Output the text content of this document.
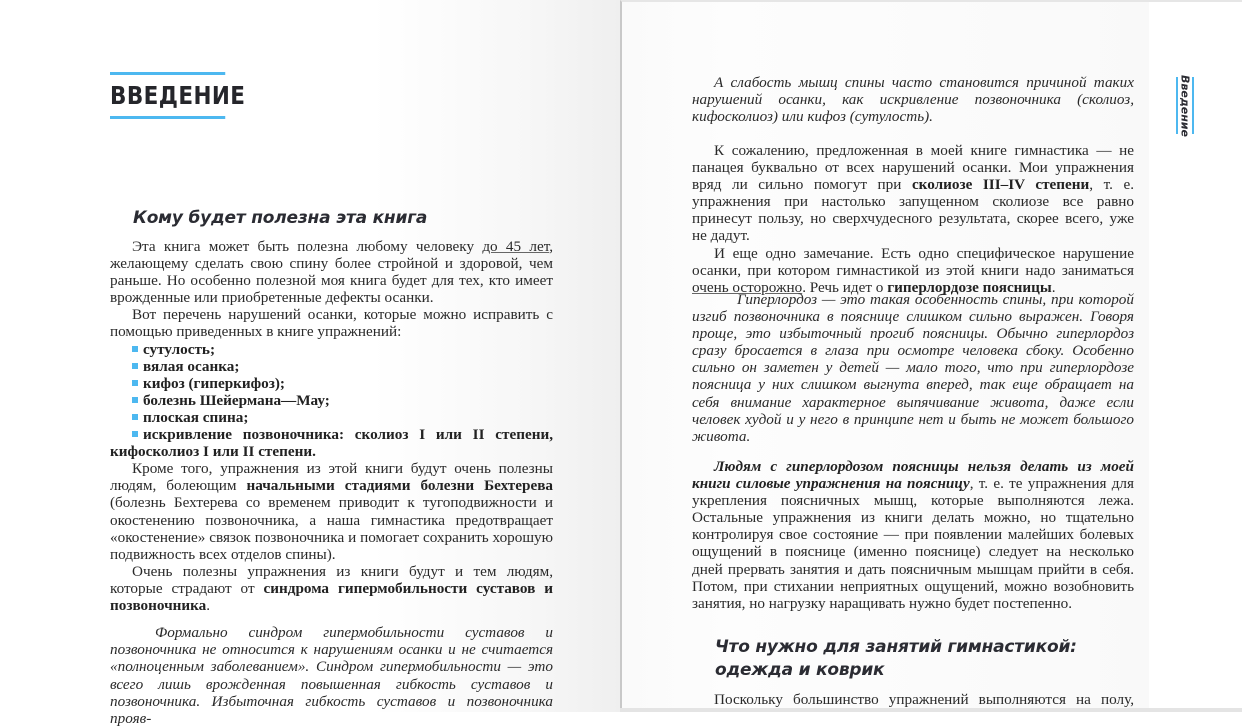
ВВЕДЕНИЕ
Кому будет полезна эта книга

Эта книга может быть полезна любому человеку до 45 лет, желающему сделать свою спину более стройной и здоровой, чем раньше. Но особенно полезной моя книга будет для тех, кто имеет врожденные или приобретенные дефекты осанки.

Вот перечень нарушений осанки, которые можно исправить с помощью приведенных в книге упражнений:

сутулость;
вялая осанка;
кифоз (гиперкифоз);
болезнь Шейермана—Мау;
плоская спина;
искривление позвоночника: сколиоз I или II степени, кифосколиоз I или II степени.

Кроме того, упражнения из этой книги будут очень полезны людям, болеющим начальными стадиями болезни Бехтерева (болезнь Бехтерева со временем приводит к тугоподвижности и окостенению позвоночника, а наша гимнастика предотвращает «окостенение» связок позвоночника и помогает сохранить хорошую подвижность всех отделов спины).

Очень полезны упражнения из книги будут и тем людям, которые страдают от синдрома гипермобильности суставов и позвоночника.

Формально синдром гипермобильности суставов и позвоночника не относится к нарушениям осанки и не считается «полноценным заболеванием». Синдром гипермобильности — это всего лишь врожденная повышенная гибкость суставов и позвоночника. Избыточная гибкость суставов и позвоночника прояв-

Введение

А слабость мышц спины часто становится причиной таких нарушений осанки, как искривление позвоночника (сколиоз, кифосколиоз) или кифоз (сутулость).

К сожалению, предложенная в моей книге гимнастика — не панацея буквально от всех нарушений осанки. Мои упражнения вряд ли сильно помогут при сколиозе III–IV степени, т. е. упражнения при настолько запущенном сколиозе все равно принесут пользу, но сверхчудесного результата, скорее всего, уже не дадут.

И еще одно замечание. Есть одно специфическое нарушение осанки, при котором гимнастикой из этой книги надо заниматься очень осторожно. Речь идет о гиперлордозе поясницы.

Гиперлордоз — это такая особенность спины, при которой изгиб позвоночника в пояснице слишком сильно выражен. Говоря проще, это избыточный прогиб поясницы. Обычно гиперлордоз сразу бросается в глаза при осмотре человека сбоку. Особенно сильно он заметен у детей — мало того, что при гиперлордозе поясница у них слишком выгнута вперед, так еще обращает на себя внимание характерное выпячивание живота, даже если человек худой и у него в принципе нет и быть не может большого живота.

Людям с гиперлордозом поясницы нельзя делать из моей книги силовые упражнения на поясницу, т. е. те упражнения для укрепления поясничных мышц, которые выполняются лежа. Остальные упражнения из книги делать можно, но тщательно контролируя свое состояние — при появлении малейших болевых ощущений в пояснице (именно пояснице) следует на несколько дней прервать занятия и дать поясничным мышцам прийти в себя. Потом, при стихании неприятных ощущений, можно возобновить занятия, но нагрузку наращивать нужно будет постепенно.

Что нужно для занятий гимнастикой:
одежда и коврик

Поскольку большинство упражнений выполняются на полу,
